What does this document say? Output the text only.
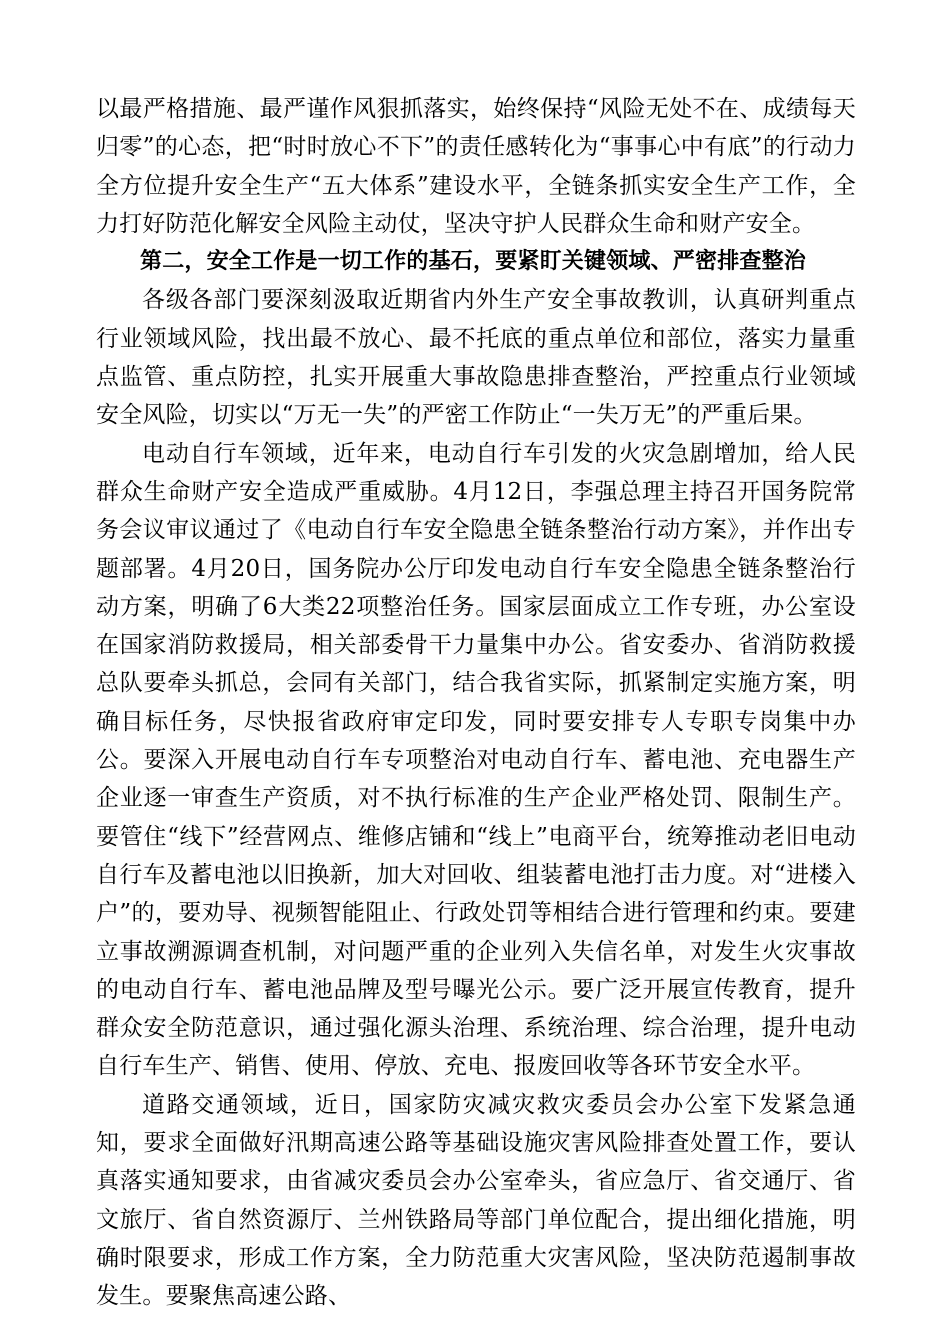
以最严格措施、最严谨作风狠抓落实，始终保持“风险无处不在、成绩每天归零”的心态，把“时时放心不下”的责任感转化为“事事心中有底”的行动力全方位提升安全生产“五大体系”建设水平，全链条抓实安全生产工作，全力打好防范化解安全风险主动仗，坚决守护人民群众生命和财产安全。

第二，安全工作是一切工作的基石，要紧盯关键领域、严密排查整治

各级各部门要深刻汲取近期省内外生产安全事故教训，认真研判重点行业领域风险，找出最不放心、最不托底的重点单位和部位，落实力量重点监管、重点防控，扎实开展重大事故隐患排查整治，严控重点行业领域安全风险，切实以“万无一失”的严密工作防止“一失万无”的严重后果。

电动自行车领域，近年来，电动自行车引发的火灾急剧增加，给人民群众生命财产安全造成严重威胁。4月12日，李强总理主持召开国务院常务会议审议通过了《电动自行车安全隐患全链条整治行动方案》，并作出专题部署。4月20日，国务院办公厅印发电动自行车安全隐患全链条整治行动方案，明确了6大类22项整治任务。国家层面成立工作专班，办公室设在国家消防救援局，相关部委骨干力量集中办公。省安委办、省消防救援总队要牵头抓总，会同有关部门，结合我省实际，抓紧制定实施方案，明确目标任务，尽快报省政府审定印发，同时要安排专人专职专岗集中办公。要深入开展电动自行车专项整治对电动自行车、蓄电池、充电器生产企业逐一审查生产资质，对不执行标准的生产企业严格处罚、限制生产。要管住“线下”经营网点、维修店铺和“线上”电商平台，统筹推动老旧电动自行车及蓄电池以旧换新，加大对回收、组装蓄电池打击力度。对“进楼入户”的，要劝导、视频智能阻止、行政处罚等相结合进行管理和约束。要建立事故溯源调查机制，对问题严重的企业列入失信名单，对发生火灾事故的电动自行车、蓄电池品牌及型号曝光公示。要广泛开展宣传教育，提升群众安全防范意识，通过强化源头治理、系统治理、综合治理，提升电动自行车生产、销售、使用、停放、充电、报废回收等各环节安全水平。

道路交通领域，近日，国家防灾减灾救灾委员会办公室下发紧急通知，要求全面做好汛期高速公路等基础设施灾害风险排查处置工作，要认真落实通知要求，由省减灾委员会办公室牵头，省应急厅、省交通厅、省文旅厅、省自然资源厅、兰州铁路局等部门单位配合，提出细化措施，明确时限要求，形成工作方案，全力防范重大灾害风险，坚决防范遏制事故发生。要聚焦高速公路、
